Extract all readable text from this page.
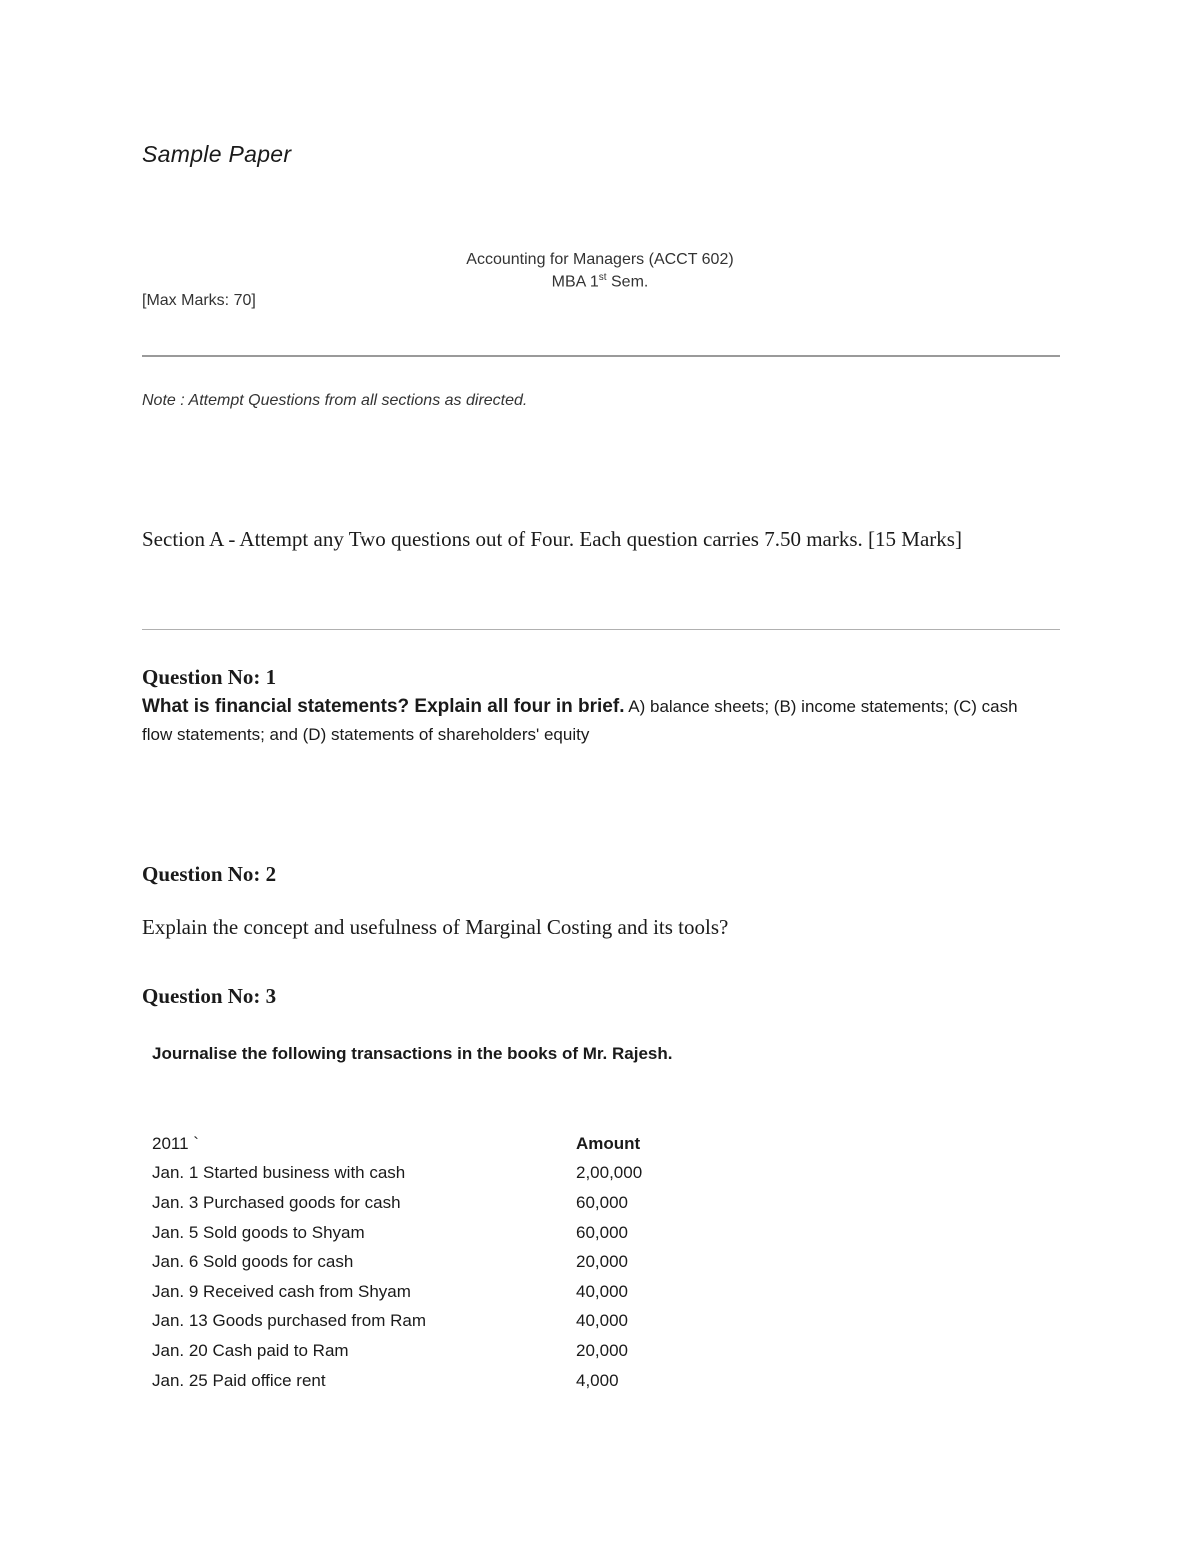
Sample Paper
Accounting for Managers (ACCT 602)
MBA 1st Sem.
[Max Marks: 70]
Note : Attempt Questions from all sections as directed.
Section A - Attempt any Two questions out of Four. Each question carries 7.50 marks. [15 Marks]
Question No: 1
What is financial statements? Explain all four in brief. A) balance sheets; (B) income statements; (C) cash flow statements; and (D) statements of shareholders' equity
Question No: 2
Explain the concept and usefulness of Marginal Costing and its tools?
Question No: 3
Journalise the following transactions in the books of Mr. Rajesh.
2011 `	Amount
Jan. 1 Started business with cash	2,00,000
Jan. 3 Purchased goods for cash	60,000
Jan. 5 Sold goods to Shyam	60,000
Jan. 6 Sold goods for cash	20,000
Jan. 9 Received cash from Shyam	40,000
Jan. 13 Goods purchased from Ram	40,000
Jan. 20 Cash paid to Ram	20,000
Jan. 25 Paid office rent	4,000
